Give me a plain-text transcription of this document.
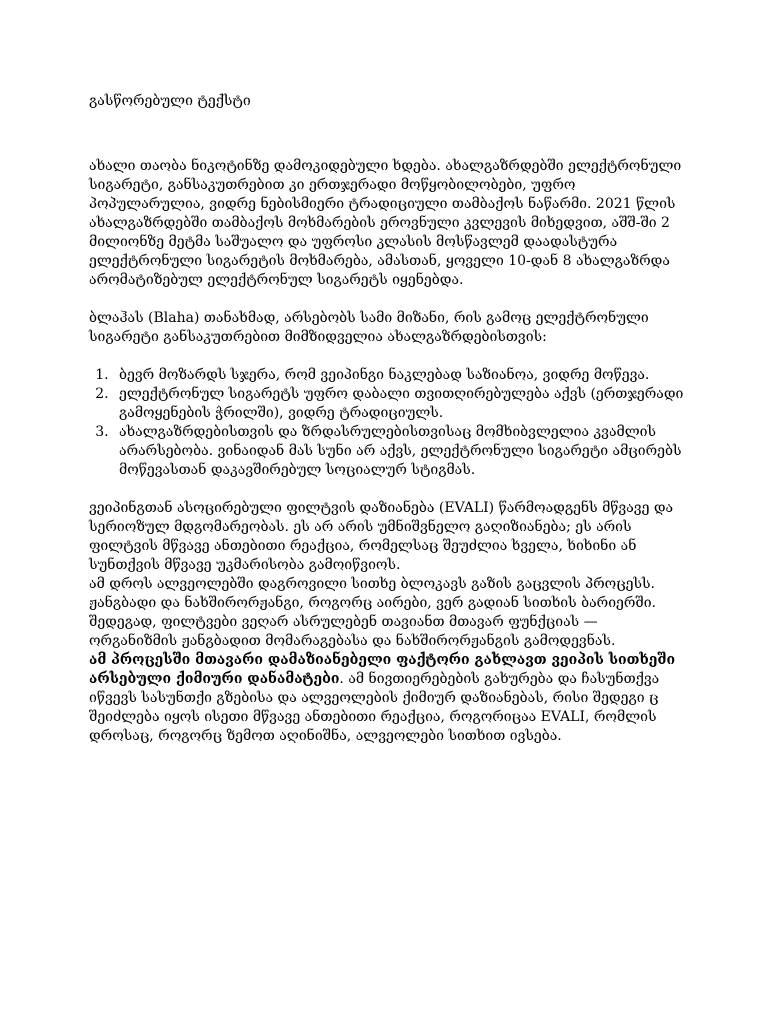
გასწორებული ტექსტი

ახალი თაობა ნიკოტინზე დამოკიდებული ხდება. ახალგაზრდებში ელექტრონული სიგარეტი, განსაკუთრებით კი ერთჯერადი მოწყობილობები, უფრო პოპულარულია, ვიდრე ნებისმიერი ტრადიციული თამბაქოს ნაწარმი. 2021 წლის ახალგაზრდებში თამბაქოს მოხმარების ეროვნული კვლევის მიხედვით, აშშ-ში 2 მილიონზე მეტმა საშუალო და უფროსი კლასის მოსწავლემ დაადასტურა ელექტრონული სიგარეტის მოხმარება, ამასთან, ყოველი 10-დან 8 ახალგაზრდა არომატიზებულ ელექტრონულ სიგარეტს იყენებდა.

ბლაჰას (Blaha) თანახმად, არსებობს სამი მიზანი, რის გამოც ელექტრონული სიგარეტი განსაკუთრებით მიმზიდველია ახალგაზრდებისთვის:

1. ბევრ მოზარდს სჯერა, რომ ვეიპინგი ნაკლებად საზიანოა, ვიდრე მოწევა.
2. ელექტრონულ სიგარეტს უფრო დაბალი თვითღირებულება აქვს (ერთჯერადი გამოყენების ჭრილში), ვიდრე ტრადიციულს.
3. ახალგაზრდებისთვის და ზრდასრულებისთვისაც მომხიბვლელია კვამლის არარსებობა. ვინაიდან მას სუნი არ აქვს, ელექტრონული სიგარეტი ამცირებს მოწევასთან დაკავშირებულ სოციალურ სტიგმას.

ვეიპინგთან ასოცირებული ფილტვის დაზიანება (EVALI) წარმოადგენს მწვავე და სერიოზულ მდგომარეობას. ეს არ არის უმნიშვნელო გაღიზიანება; ეს არის ფილტვის მწვავე ანთებითი რეაქცია, რომელსაც შეუძლია ხველა, ხიხინი ან სუნთქვის მწვავე უკმარისობა გამოიწვიოს.
ამ დროს ალვეოლებში დაგროვილი სითხე ბლოკავს გაზის გაცვლის პროცესს. ჟანგბადი და ნახშირორჟანგი, როგორც აირები, ვერ გადიან სითხის ბარიერში. შედეგად, ფილტვები ვეღარ ასრულებენ თავიანთ მთავარ ფუნქციას — ორგანიზმის ჟანგბადით მომარაგებასა და ნახშირორჟანგის გამოდევნას.
ამ პროცესში მთავარი დამაზიანებელი ფაქტორი გახლავთ ვეიპის სითხეში არსებული ქიმიური დანამატები. ამ ნივთიერებების გახურება და ჩასუნთქვა იწვევს სასუნთქი გზებისა და ალვეოლების ქიმიურ დაზიანებას, რისი შედეგი ც შეიძლება იყოს ისეთი მწვავე ანთებითი რეაქცია, როგორიცაა EVALI, რომლის დროსაც, როგორც ზემოთ აღინიშნა, ალვეოლები სითხით ივსება.
